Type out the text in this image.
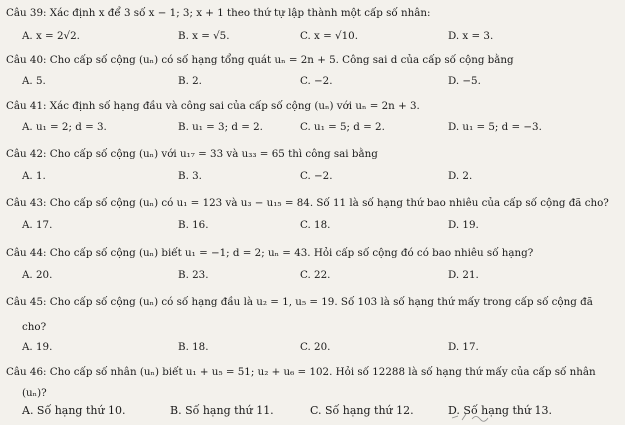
Câu 39: Xác định x để 3 số x − 1; 3; x + 1 theo thứ tự lập thành một cấp số nhân:
A. x = 2√2.	B. x = √5.	C. x = √10.	D. x = 3.
Câu 40: Cho cấp số cộng (uₙ) có số hạng tổng quát uₙ = 2n + 5. Công sai d của cấp số cộng bằng
A. 5.	B. 2.	C. −2.	D. −5.
Câu 41: Xác định số hạng đầu và công sai của cấp số cộng (uₙ) với uₙ = 2n + 3.
A. u₁ = 2; d = 3.	B. u₁ = 3; d = 2.	C. u₁ = 5; d = 2.	D. u₁ = 5; d = −3.
Câu 42: Cho cấp số cộng (uₙ) với u₁₇ = 33 và u₃₃ = 65 thì công sai bằng
A. 1.	B. 3.	C. −2.	D. 2.
Câu 43: Cho cấp số cộng (uₙ) có u₁ = 123 và u₃ − u₁₅ = 84. Số 11 là số hạng thứ bao nhiêu của cấp số cộng đã cho?
A. 17.	B. 16.	C. 18.	D. 19.
Câu 44: Cho cấp số cộng (uₙ) biết u₁ = −1; d = 2; uₙ = 43. Hỏi cấp số cộng đó có bao nhiêu số hạng?
A. 20.	B. 23.	C. 22.	D. 21.
Câu 45: Cho cấp số cộng (uₙ) có số hạng đầu là u₂ = 1, u₅ = 19. Số 103 là số hạng thứ mấy trong cấp số cộng đã
cho?
A. 19.	B. 18.	C. 20.	D. 17.
Câu 46: Cho cấp số nhân (uₙ) biết u₁ + u₅ = 51; u₂ + u₆ = 102. Hỏi số 12288 là số hạng thứ mấy của cấp số nhân
(uₙ)?
A. Số hạng thứ 10.	B. Số hạng thứ 11.	C. Số hạng thứ 12.	D. Số hạng thứ 13.
